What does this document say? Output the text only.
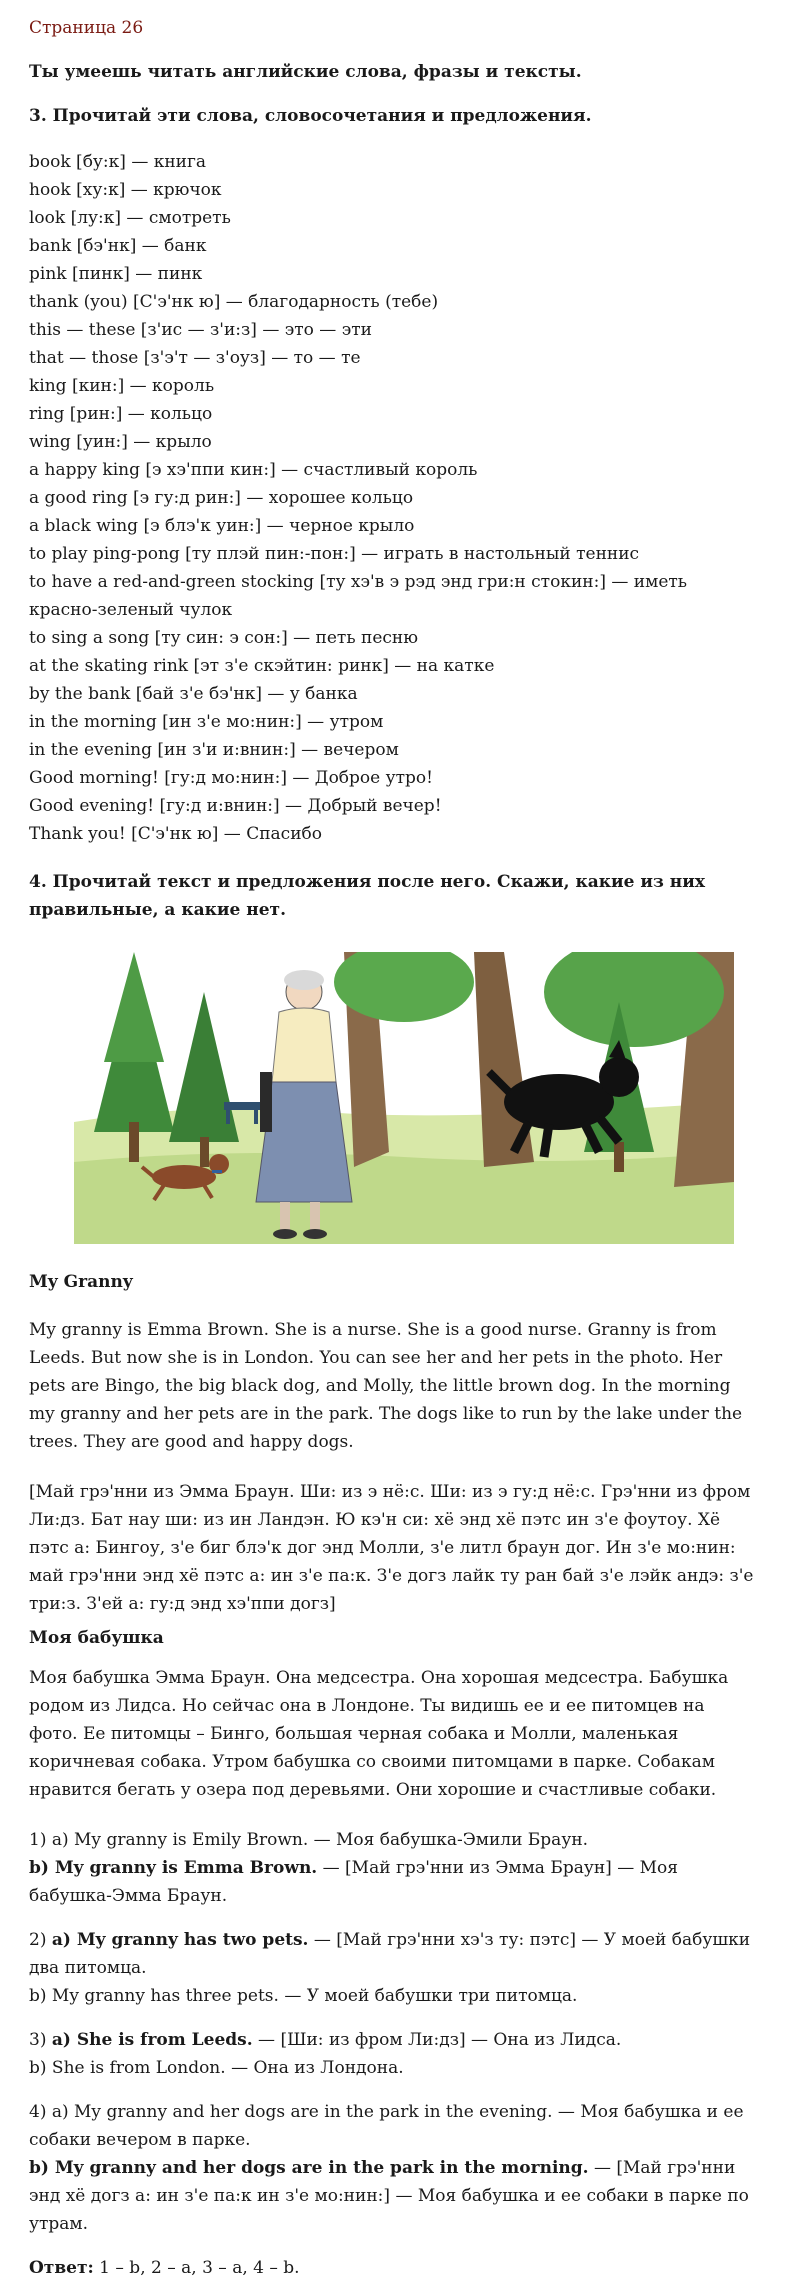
Страница 26
Ты умеешь читать английские слова, фразы и тексты.
3. Прочитай эти слова, словосочетания и предложения.
book [бу:к] — книга
hook [ху:к] — крючок
look [лу:к] — смотреть
bank [бэ'нк] — банк
pink [пинк] — пинк
thank (you) [С'э'нк ю] — благодарность (тебе)
this — these [з'ис — з'и:з] — это — эти
that — those [з'э'т — з'оуз] — то — те
king [кин:] — король
ring [рин:] — кольцо
wing [уин:] — крыло
a happy king [э хэ'ппи кин:] — счастливый король
a good ring [э гу:д рин:] — хорошее кольцо
a black wing [э блэ'к уин:] — черное крыло
to play ping-pong [ту плэй пин:-пон:] — играть в настольный теннис
to have a red-and-green stocking [ту хэ'в э рэд энд гри:н стокин:] — иметь красно-зеленый чулок
to sing a song [ту син: э сон:] — петь песню
at the skating rink [эт з'е скэйтин: ринк] — на катке
by the bank [бай з'е бэ'нк] — у банка
in the morning [ин з'е мо:нин:] — утром
in the evening [ин з'и и:внин:] — вечером
Good morning! [гу:д мо:нин:] — Доброе утро!
Good evening! [гу:д и:внин:] — Добрый вечер!
Thank you! [С'э'нк ю] — Спасибо
4. Прочитай текст и предложения после него. Скажи, какие из них правильные, а какие нет.
My Granny
My granny is Emma Brown. She is a nurse. She is a good nurse. Granny is from Leeds. But now she is in London. You can see her and her pets in the photo. Her pets are Bingo, the big black dog, and Molly, the little brown dog. In the morning my granny and her pets are in the park. The dogs like to run by the lake under the trees. They are good and happy dogs.
[Май грэ'нни из Эмма Браун. Ши: из э нё:с. Ши: из э гу:д нё:с. Грэ'нни из фром Ли:дз. Бат нау ши: из ин Ландэн. Ю кэ'н си: хё энд хё пэтс ин з'е фоутоу. Хё пэтс а: Бингоу, з'е биг блэ'к дог энд Молли, з'е литл браун дог. Ин з'е мо:нин: май грэ'нни энд хё пэтс а: ин з'е па:к. З'е догз лайк ту ран бай з'е лэйк андэ: з'е три:з. З'ей а: гу:д энд хэ'ппи догз]
Моя бабушка
Моя бабушка Эмма Браун. Она медсестра. Она хорошая медсестра. Бабушка родом из Лидса. Но сейчас она в Лондоне. Ты видишь ее и ее питомцев на фото. Ее питомцы – Бинго, большая черная собака и Молли, маленькая коричневая собака. Утром бабушка со своими питомцами в парке. Собакам нравится бегать у озера под деревьями. Они хорошие и счастливые собаки.
1) a) My granny is Emily Brown. — Моя бабушка-Эмили Браун.
b) My granny is Emma Brown. — [Май грэ'нни из Эмма Браун] — Моя бабушка-Эмма Браун.
2) a) My granny has two pets. — [Май грэ'нни хэ'з ту: пэтс] — У моей бабушки два питомца.
b) My granny has three pets. — У моей бабушки три питомца.
3) a) She is from Leeds. — [Ши: из фром Ли:дз] — Она из Лидса.
b) She is from London. — Она из Лондона.
4) a) My granny and her dogs are in the park in the evening. — Моя бабушка и ее собаки вечером в парке.
b) My granny and her dogs are in the park in the morning. — [Май грэ'нни энд хё догз а: ин з'е па:к ин з'е мо:нин:] — Моя бабушка и ее собаки в парке по утрам.
Ответ: 1 – b, 2 – a, 3 – a, 4 – b.
